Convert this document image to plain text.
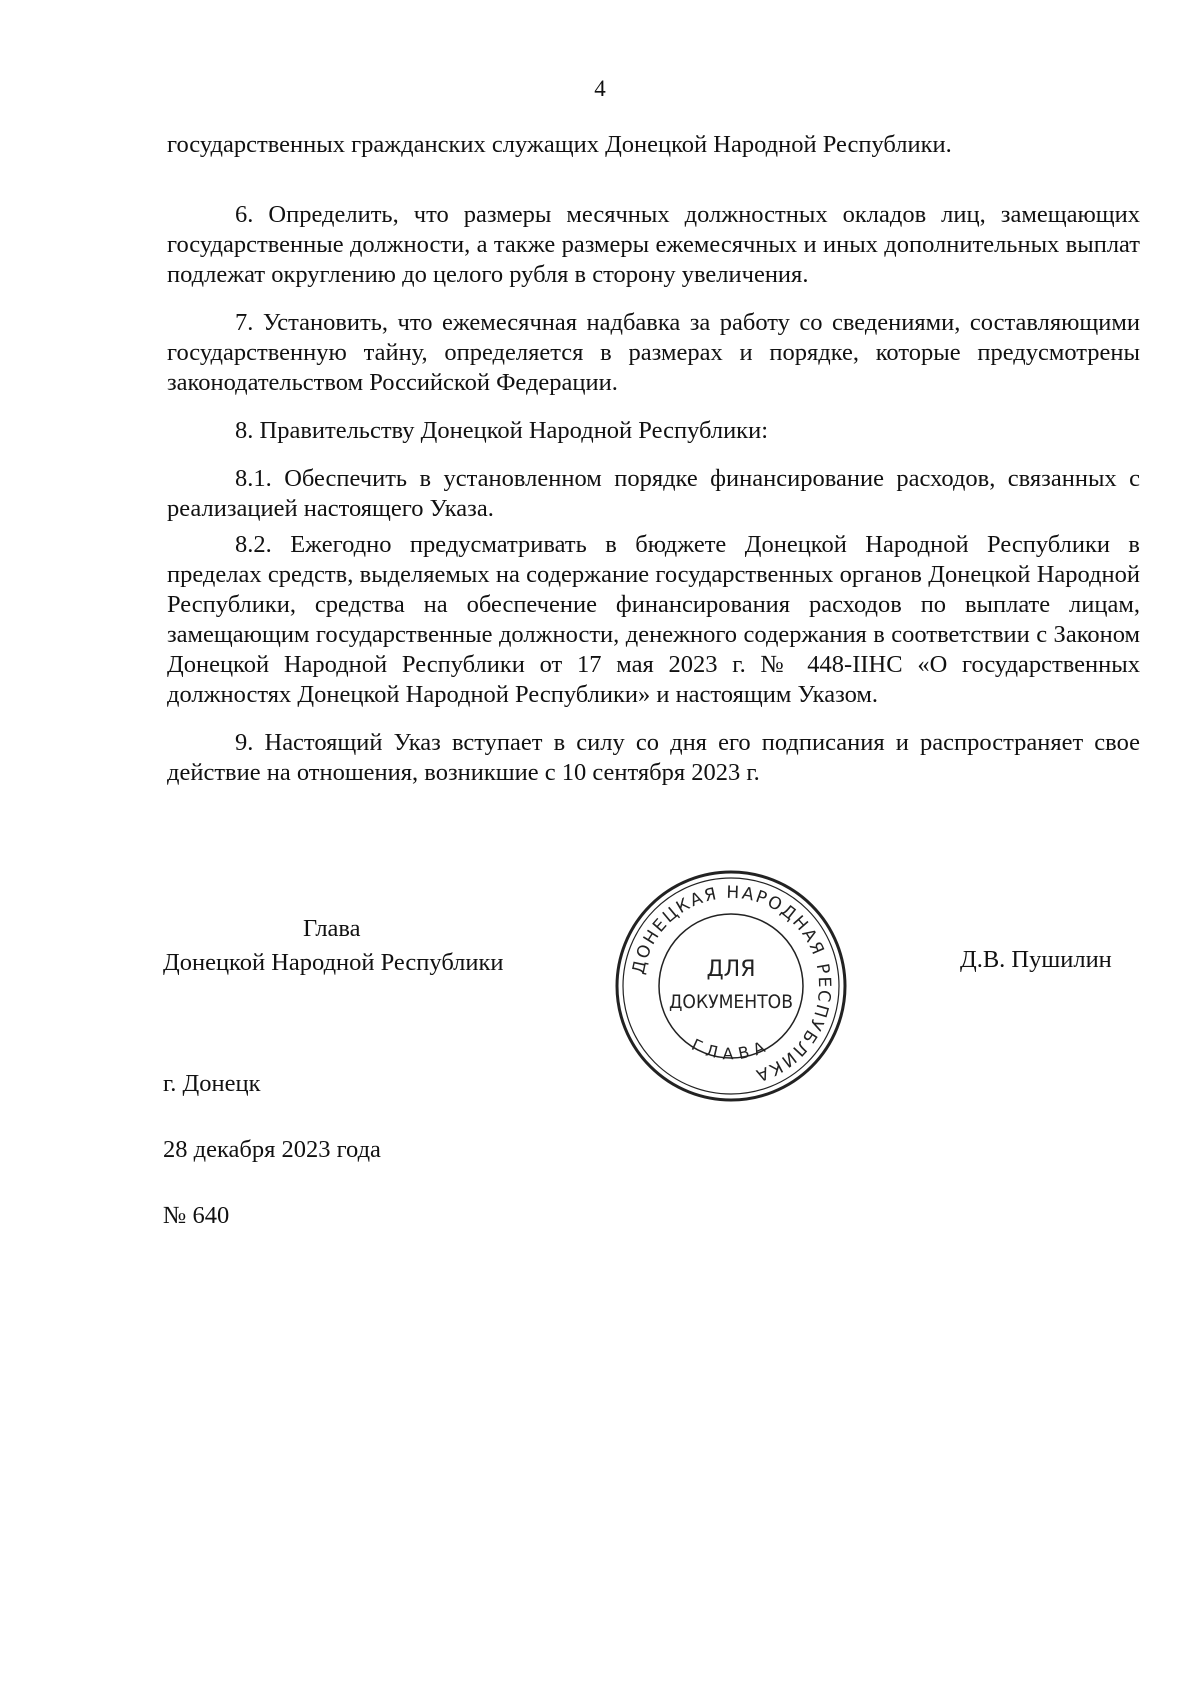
4

государственных гражданских служащих Донецкой Народной Республики.

6. Определить, что размеры месячных должностных окладов лиц, замещающих государственные должности, а также размеры ежемесячных и иных дополнительных выплат подлежат округлению до целого рубля в сторону увеличения.

7. Установить, что ежемесячная надбавка за работу со сведениями, составляющими государственную тайну, определяется в размерах и порядке, которые предусмотрены законодательством Российской Федерации.

8. Правительству Донецкой Народной Республики:

8.1. Обеспечить в установленном порядке финансирование расходов, связанных с реализацией настоящего Указа.

8.2. Ежегодно предусматривать в бюджете Донецкой Народной Республики в пределах средств, выделяемых на содержание государственных органов Донецкой Народной Республики, средства на обеспечение финансирования расходов по выплате лицам, замещающим государственные должности, денежного содержания в соответствии с Законом Донецкой Народной Республики от 17 мая 2023 г. № 448-IIНС «О государственных должностях Донецкой Народной Республики» и настоящим Указом.

9. Настоящий Указ вступает в силу со дня его подписания и распространяет свое действие на отношения, возникшие с 10 сентября 2023 г.

Глава
Донецкой Народной Республики	ДОНЕЦКАЯ НАРОДНАЯ РЕСПУБЛИКА
ДЛЯ
ДОКУМЕНТОВ
ГЛАВА
Д.В. Пушилин
г. Донецк
28 декабря 2023 года
№ 640
